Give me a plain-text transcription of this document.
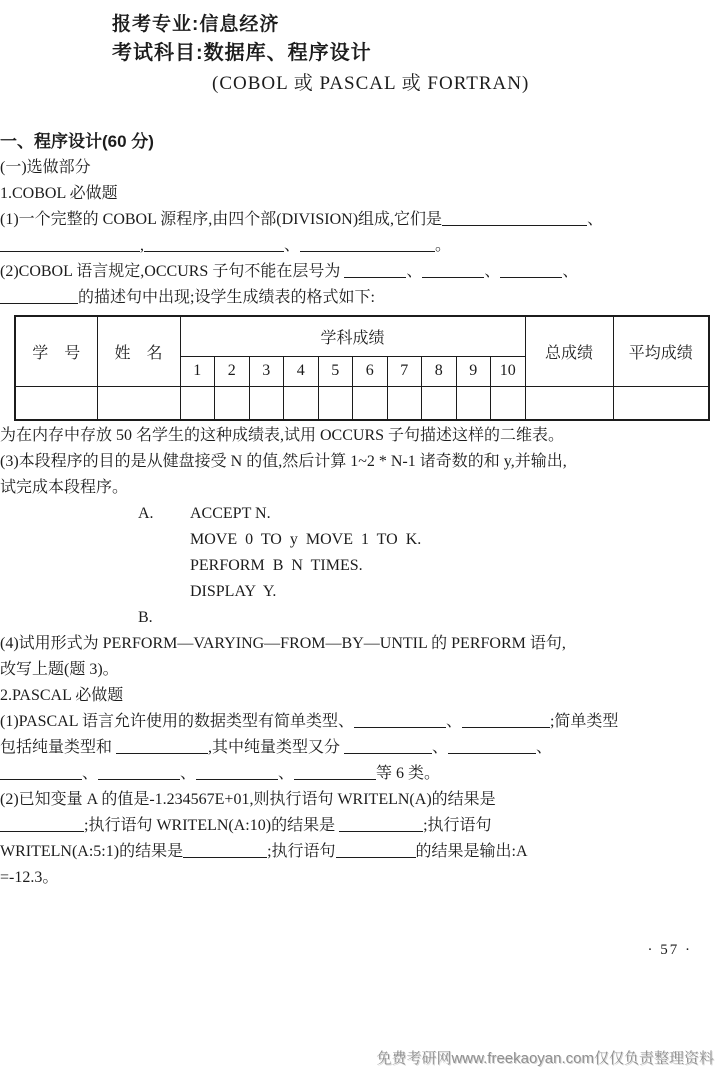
报考专业:信息经济
考试科目:数据库、程序设计
(COBOL 或 PASCAL 或 FORTRAN)

一、程序设计(60 分)

(一)选做部分

1.COBOL 必做题

(1)一个完整的 COBOL 源程序,由四个部(DIVISION)组成,它们是	、

,	、	。

(2)COBOL 语言规定,OCCURS 子句不能在层号为	、	、	、

的描述句中出现;设学生成绩表的格式如下:

学　号	姓　名	学科成绩										总成绩	平均成绩
		1	2	3	4	5	6	7	8	9	10		

为在内存中存放 50 名学生的这种成绩表,试用 OCCURS 子句描述这样的二维表。

(3)本段程序的目的是从健盘接受 N 的值,然后计算 1~2 * N-1 诸奇数的和 y,并输出,

试完成本段程序。

A.	ACCEPT N.
MOVE  0  TO  y  MOVE  1  TO  K.
PERFORM  B  N  TIMES.
DISPLAY  Y.
B.

(4)试用形式为 PERFORM—VARYING—FROM—BY—UNTIL 的 PERFORM 语句,

改写上题(题 3)。

2.PASCAL 必做题

(1)PASCAL 语言允许使用的数据类型有简单类型、	、	;简单类型

包括纯量类型和	,其中纯量类型又分	、	、

、	、	、	等 6 类。

(2)已知变量 A 的值是-1.234567E+01,则执行语句 WRITELN(A)的结果是

;执行语句 WRITELN(A:10)的结果是	;执行语句

WRITELN(A:5:1)的结果是	;执行语句	的结果是输出:A

=-12.3。

· 57 ·
免费考研网www.freekaoyan.com仅仅负责整理资料
